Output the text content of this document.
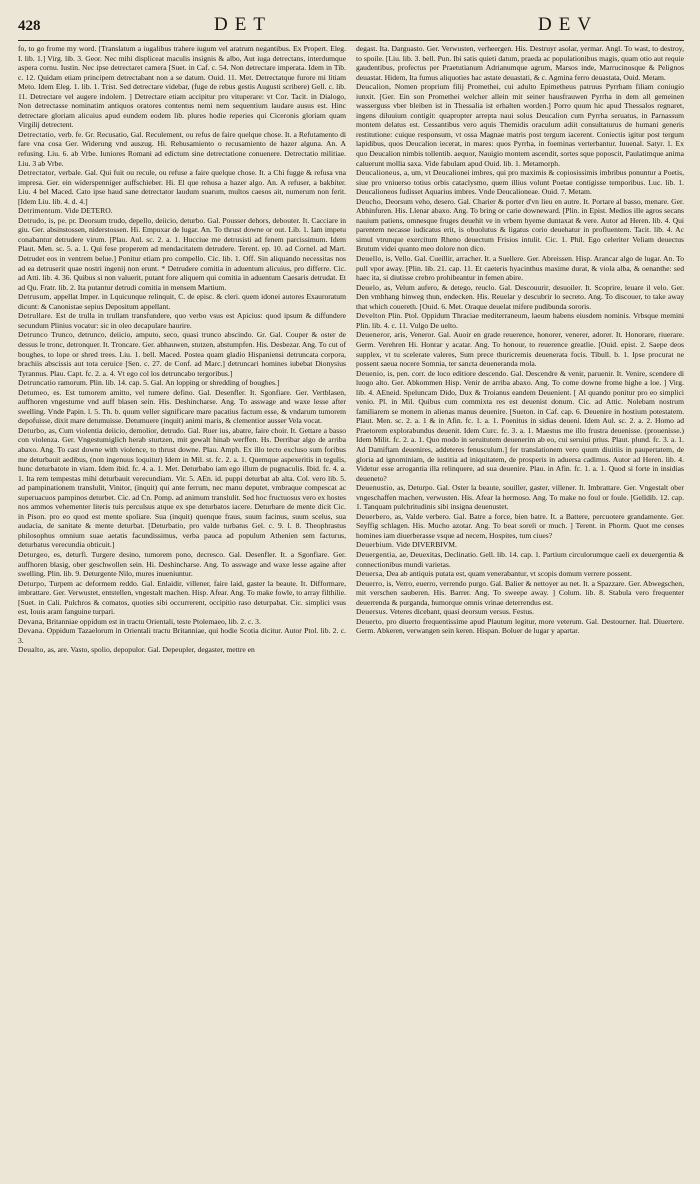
428	DET	DEV

fo, to go frome my word. [Translatum a iugalibus trahere iugum vel aratrum negantibus. Ex Propert. Eleg. I. lib. 1.] Virg. lib. 3. Geor. Nec mihi displiceat maculis insignis & albo, Aut iuga detrectans, interdumque aspera cornu. Iustin. Nec ipse detrectaret camera [Suet. in Caf. c. 54. Non detrectare imperata. Idem in Tib. c. 12. Quidam etiam principem detrectabant non a se datum. Ouid. 11. Met. Detrectatque furore mi litiam Meto. Idem Eleg. 1. lib. 1. Trist. Sed detrectare videbar, (fuge de rebus gestis Augusti scribere) Gell. c. lib. 11. Detrectare vel augere indolem. ] Detrectare etiam accipitur pro vituperare: vt Cor. Tacit. in Dialogo, Non detrectasse nominatim antiquos oratores contentus nemi nem sequentium laudare ausus est. Hinc detrectare gloriam alicuius apud eundem eodem lib. plures hodie reperies qui Ciceronis gloriam quam Virgilij detrectent.

Detrectatio, verb. fe. Gr. Recusatio, Gal. Reculement, ou refus de faire quelque chose. It. a Refutamento di fare vna cosa Ger. Widerung vnd auszug. Hi. Rehusamiento o recusamiento de hazer alguna. An. A refusing. Liu. 6. ab Vrbe. Iuniores Romani ad edictum sine detrectatione conuenere. Detrectatio militiae. Liu. 3 ab Vrbe.

Detrectator, verbale. Gal. Qui fuit ou recule, ou refuse a faire quelque chose. It. a Chi fugge & refusa vna impresa. Ger. ein widerspenniger auffschieber. Hi. El que rehusa a hazer algo. An. A refuser, a bakbiter. Liu. 4 bel Maced. Cato ipse haud sane detrectator laudum suarum, multos caesos ait, numerum non ferit. [Idem Liu. lib. 4. d. 4.]

Detrimentum. Vide DETERO.

Detrudo, is, pe. pr. Deorsum trudo, depello, deiicio, deturbo. Gal. Pousser dehors, debouter. It. Cacciare in giu. Ger. absinstossen, niderstossen. Hi. Empuxar de lugar. An. To thrust downe or out. Lib. 1. Iam impetu conabantur detrudere virum. [Plau. Aul. sc. 2. a. 1. Hucciue me detrusisti ad fenem parcissimum. Idem Plaut. Men. sc. 5. a. 1. Qui fese properem ad mendacitatem detrudere. Terent. ep. 10. ad Cornel. ad Mart. Detrudet eos in ventrem belue.] Ponitur etiam pro compello. Cic. lib. 1. Off. Sin aliquando necessitas nos ad ea detruserit quae nostri ingenij non erunt. * Detrudere comitia in aduentum alicuius, pro differre. Cic. ad Atti. lib. 4. 36. Quibus si non valuerit, putant fore aliquem qui comitia in aduentum Caesaris detrudat. Et ad Qu. Fratr. lib. 2. Ita putantur detrudi comitia in mensem Martium.

Detrusum, appellat Imper. in Lquicunque relinquit, C. de episc. & cleri. quem idonei autores Exauroratum dicunt: & Canonistae sepius Depositum appellant.

Detrullare. Est de trulla in trullam transfundere, quo verbo vsus est Apicius: quod ipsum & diffundere secundum Plinius vocatur: sic in oleo decapulare haurire.

Detrunco Trunco, detrunco, deiicio, amputo, seco, quasi trunco abscindo. Gr. Gal. Couper & oster de dessus le tronc, detronquer. It. Troncare. Ger. abhauwen, stutzen, abstumpfen. His. Desbezar. Ang. To cut of boughes, to lope or shred trees. Liu. 1. bell. Maced. Postea quam gladio Hispaniensi detruncata corpora, brachiis abscissis aut tota ceruice [Sen. c. 27. de Conf. ad Marc.] detruncari homines iubebat Dionysius Tyrannus. Plau. Capt. fc. 2. a. 4. Vt ego col los detruncabo tergoribus.]

Detruncatio ramorum. Plin. lib. 14. cap. 5. Gal. An lopping or shredding of boughes.]

Detumeo, es. Est tumorem amitto, vel tumere defino. Gal. Desenfler. It. Sgonfiare. Ger. Vertblasen, auffhoren vngestume vnd auff blasen sein. His. Deshincharse. Ang. To asswage and waxe lesse after swelling. Vnde Papin. l. 5. Th. b. quum veller significare mare pacatius factum esse, & vndarum tumorem depofuisse, dixit mare detumuisse. Detumuere (inquit) animi maris, & clementior ausser Vela vocat.

Deturbo, as, Cum violentia deiicio, demolior, detrudo. Gal. Ruer ius, abatre, faire choir. It. Gettare a basso con violenza. Ger. Vngestumiglich herab sturtzen, mit gewalt hinab werffen. Hs. Derribar algo de arriba abaxo. Ang. To cast downe with violence, to thrust downe. Plau. Amph. Ex illo tecto excluso sum foribus me deturbauit aedibus, (non ingenuus loquitur) Idem in Mil. st. fc. 2. a. 1. Quemque aspexeritis in tegulis, hunc deturbatote in viam. Idem ibid. fc. 4. a. 1. Met. Deturbabo iam ego illum de pugnaculis. Ibid. fc. 4. a. 1. Ita rem tempestas mihi deturbauit verecundiam. Vir. 5. AEn. id. puppi deturbat ab alta. Col. vero lib. 5. ad pampinationem translulit, Vinitor, (inquit) qui ante ferrum, nec manu deputet, vmbraque compescat ac superuacuos pampinos deturbet. Cic. ad Cn. Pomp. ad animum translulit. Sed hoc fructuosus vero ex hostes nos ammos vehementer literis tuis perculsus atque ex spe deturbatos iacere. Deturbare de mente dicit Cic. in Pison. pro eo quod est mente spoliare. Sua (inquit) quenque fraus, suum facinus, suum scelus, sua audacia, de sanitate & mente deturbat. [Deturbatio, pro valde turbatus Gel. c. 9. l. 8. Theophrastus philosophus omnium suae aetatis facundissimus, verba pauca ad populum Athenien sem facturus, deturbatus verecundia obticuit.]

Deturgeo, es, deturfi. Turgere desino, tumorem pono, decresco. Gal. Desenfler. It. a Sgonfiare. Ger. auffhoren blasig, ober geschwollen sein. Hi. Deshincharse. Ang. To asswage and waxe lesse againe after swelling. Plin. lib. 9. Deturgente Nilo, mures inueniuntur.

Deturpo, Turpem ac deformem reddo. Gal. Enlaidir, villener, faire laid, gaster la beaute. It. Difformare, imbrattare. Ger. Verwustet, entstellen, vngestalt machen. Hisp. Afear. Ang. To make fowle, to array filthilie. [Suet. in Cali. Pulchros & comatos, quoties sibi occurrerent, occipitio raso deturpabat. Cic. simplici vsus est, Iouis aram fanguine turpari.

Devana, Britanniae oppidum est in tractu Orientali, teste Ptolemaeo, lib. 2. c. 3.

Devana. Oppidum Tazaelorum in Orientali tractu Britanniae, qui hodie Scotia dicitur. Autor Ptol. lib. 2. c. 3.

Deualto, as, are. Vasto, spolio, depopulor. Gal. Depeupler, degaster, mettre en

degast. Ita. Darguasto. Ger. Verwusten, verheergen. His. Destruyr asolar, yermar. Angl. To wast, to destroy, to spoile. [Liu. lib. 3. bell. Pun. Ibi satis quieti datum, praeda ac populationibus magis, quam otio aut requie gaudentibus, profectus per Praetutianum Adrianumque agrum, Marsos inde, Marrucinosque & Pelignos deuastat. Hidem, Ita fumus aliquoties hac astate deuastati, & c. Agmina ferro deuastata, Ouid. Metam.

Deucalion, Nomen proprium filij Promethei, cui adulto Epimetheus patruus Pyrrham filiam coniugio iunxit. [Ger. Ein son Promethei welcher allein mit seiner hausfrauwen Pyrrha in dem all gemeinen wasserguss vber bleiben ist in Thessalia ist erhalten worden.] Porro quum hic apud Thessalos regnaret, ingens diluuium contigit: quapropter arrepta naui solus Deucalion cum Pyrrha seruatus, in Parnassum montem delatus est. Cessantibus vero aquis Themidis oraculum adiit consultaturus de humani generis restitutione: cuique responsum, vt ossa Magnae matris post tergum iacerent. Coniectis igitur post tergum lapidibus, quos Deucalion iecerat, in mares: quos Pyrrha, in foeminas verterbantur. Iuuenal. Satyr. 1. Ex quo Deucalion nimbis tollentib. aequor, Nauigio montem ascendit, sortes sque poposcit, Paulatimque anima caluerunt mollia saxa. Vide fabulam apud Ouid. lib. 1. Metamorph.

Deucalioneus, a, um, vt Deucalionei imbres, qui pro maximis & copiosissimis imbribus ponuntur a Poetis, siue pro vniuerso totius orbis cataclysmo, quem illius volunt Poetae contigisse temporibus. Luc. lib. 1. Deucalioneos fudisset Aquarius imbres. Vnde Deucalioneae. Ouid. 7. Metam.

Deucho, Deorsum veho, desero. Gal. Charier & porter d'vn lieu en autre. It. Portare al basso, menare. Ger. Abhinfuren. His. Llenar abaxo. Ang. To bring or carie downeward. [Plin. in Epist. Medios ille agros secans nauium patiens, omnesque fruges deuehit ve in vrbem hyeme duntaxat & vere. Autor ad Heren. lib. 4. Qui parentem necasse iudicatus erit, is obuolutus & ligatus corio deuehatur in profluentem. Tacit. lib. 4. Ac simul vtrunque exercitum Rheno deuectum Frisios intulit. Cic. 1. Phil. Ego celeriter Veliam deuectus Brutum videi quanto meo dolore non dico.

Deuello, is, Vello. Gal. Cueillir, arracher. It. a Suellere. Ger. Abreissen. Hisp. Arancar algo de lugar. An. To pull vpor away. [Plin. lib. 21. cap. 11. Et caeteris hyacinthus maxime durat, & viola alba, & oenanthe: sed haec ita, si diutisse crebro prohibeantur in femen abire.

Deuelo, as, Velum aufero, & detego, reuclo. Gal. Descouurir, desuoiler. It. Scoprire, leuare il velo. Ger. Den vmbhang hinweg thun, endecken. His. Reuelar y descubrir lo secreto. Ang. To discouer, to take away that which couereth. [Ouid. 6. Met. Oraque deuelat mifere pudibunda sororis.

Develton Plin. Ptol. Oppidum Thraciae mediterraneum, laeum habens eiusdem nominis. Vrbsque memini Plin. lib. 4. c. 11. Vulgo De uelto.

Deueneror, aris, Veneror. Gal. Auoir en grade reuerence, honorer, venerer, adorer. It. Honorare, riuerare. Germ. Verehren Hi. Honrar y acatar. Ang. To honour, to reuerence greatlie. [Ouid. epist. 2. Saepe deos supplex, vt tu scelerate valeres, Sum prece thuricremis deuenerata focis. Tibull. b. 1. Ipse procurat ne possent saeua nocere Somnia, ter sancta deueneranda mola.

Deuenio, is, pen. corr. de loco editiore descendo. Gal. Descendre & venir, paruenir. It. Venire, scendere di luogo alto. Ger. Abkommen Hisp. Venir de arriba abaxo. Ang. To come downe frome highe a loe. ] Virg. lib. 4. AEneid. Speluncam Dido, Dux & Troianus eandem Deuenient. [ Al quando ponitur pro eo simplici venio. Pl. in Mil. Quibus cum commixta res est deuenist donum. Cic. ad Attic. Nolebam nostrum familiarem se monem in alienas manus deuenire. [Sueton. in Caf. cap. 6. Deuenire in hostium potestatem. Plaut. Men. sc. 2. a. 1 & in Afin. fc. 1. a. 1. Poenitus in sidias deueni. Idem Aul. sc. 2. a. 2. Homo ad Praetorem explorabundus deuenit. Idem Curc. fc. 3. a. 1. Maestus me illo frustra deuenisse. (prouenisse.) Idem Milit. fc. 2. a. 1. Quo modo in seruitutem deuenerim ab eo, cui seruiui prius. Plaut. plund. fc. 3. a. 1. Ad Damiftam deuenires, addeteres fenusculum.] fer translationem vero quum diuitiis in paupertatem, de gloria ad ignominiam, de iustitia ad iniquitatem, de prosperis in aduersa cadimus. Autor ad Heren. lib. 4. Videtur esse arrogantia illa relinquere, ad sua deuenire. Plau. in Afin. fc. 1. a. 1. Quod si forte in insidias deueneto?

Deuenustio, as, Deturpo. Gal. Oster la beaute, souiller, gaster, villener. It. Imbrattare. Ger. Vngestalt ober vngeschaffen machen, verwusten. His. Afear la hermoso. Ang. To make no foul or foule. [Gelldib. 12. cap. 1. Tanquam pulchritudinis sibi insigna deuenustet.

Deuerbero, as, Valde verbero. Gal. Batre a force, bien batre. It. a Battere, percuotere grandamente. Ger. Seyffig schlagen. His. Mucho azotar. Ang. To beat soreli or much. ] Terent. in Phorm. Quot me censes homines iam diuerberasse vsque ad necem, Hospites, tum ciues?

Deuerbium. Vide DIVERBIVM.

Deuergentia, ae, Deuexitas, Declinatio. Gell. lib. 14. cap. 1. Partium circulorumque caeli ex deuergentia & connectionibus mundi varietas.

Deuersa, Dea ab antiquis putata est, quam venerabantur, vt scopis domum verrere possent.

Deuerro, is, Verro, euerro, verrendo purgo. Gal. Balier & nettoyer au net. It. a Spazzare. Ger. Abwegschen, mit verschen sauberen. His. Barrer. Ang. To sweepe away. ] Colum. lib. 8. Stabula vero frequenter deuerrenda & purganda, humorque omnis vrinae deterrendus est.

Deuersus. Veteres dicebant, quasi deorsum versus. Festus.

Deuerto, pro diuerto frequentissime apud Plautum legitur, more veterum. Gal. Destourner. Ital. Diuertere. Germ. Abkeren, verwangen sein keren. Hispan. Boluer de lugar y apartar.
